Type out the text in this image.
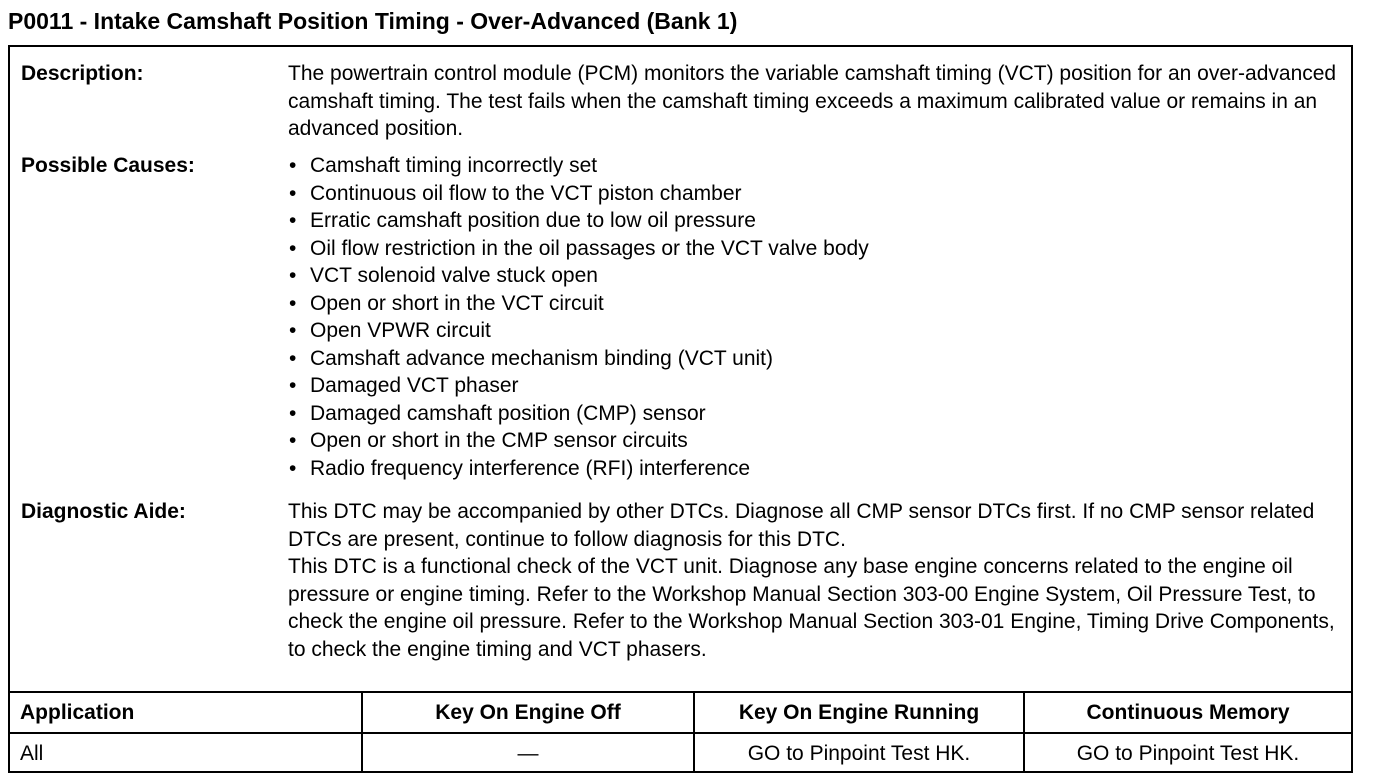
P0011 - Intake Camshaft Position Timing - Over-Advanced (Bank 1)
Description:	The powertrain control module (PCM) monitors the variable camshaft timing (VCT) position for an over-advanced camshaft timing. The test fails when the camshaft timing exceeds a maximum calibrated value or remains in an advanced position.

Possible Causes:	• Camshaft timing incorrectly set
• Continuous oil flow to the VCT piston chamber
• Erratic camshaft position due to low oil pressure
• Oil flow restriction in the oil passages or the VCT valve body
• VCT solenoid valve stuck open
• Open or short in the VCT circuit
• Open VPWR circuit
• Camshaft advance mechanism binding (VCT unit)
• Damaged VCT phaser
• Damaged camshaft position (CMP) sensor
• Open or short in the CMP sensor circuits
• Radio frequency interference (RFI) interference
Diagnostic Aide:	This DTC may be accompanied by other DTCs. Diagnose all CMP sensor DTCs first. If no CMP sensor related DTCs are present, continue to follow diagnosis for this DTC.

This DTC is a functional check of the VCT unit. Diagnose any base engine concerns related to the engine oil pressure or engine timing. Refer to the Workshop Manual Section 303-00 Engine System, Oil Pressure Test, to check the engine oil pressure. Refer to the Workshop Manual Section 303-01 Engine, Timing Drive Components, to check the engine timing and VCT phasers.

Application	Key On Engine Off	Key On Engine Running	Continuous Memory
All	—	GO to Pinpoint Test HK.	GO to Pinpoint Test HK.
